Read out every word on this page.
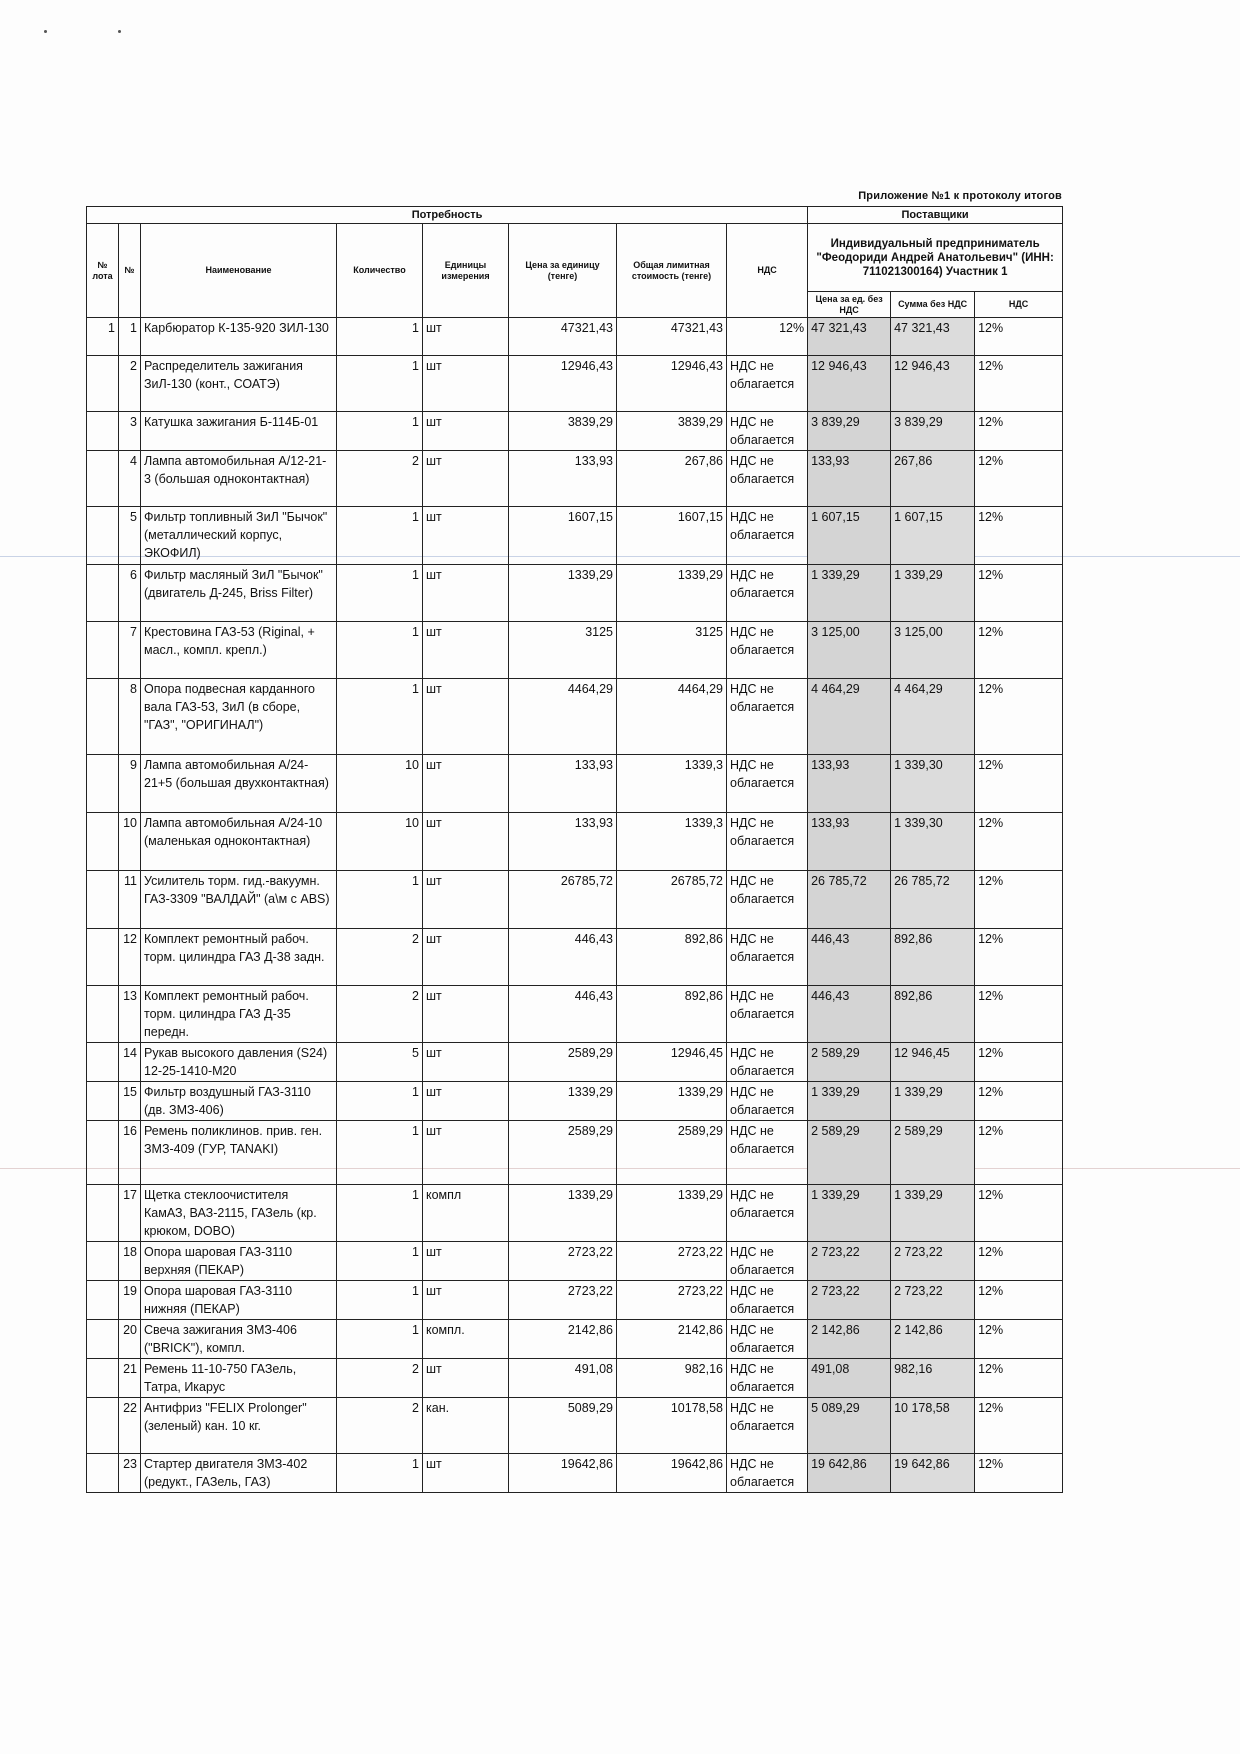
Приложение №1 к протоколу итогов
Потребность								Поставщики		
№ лота	№	Наименование	Количество	Единицы измерения	Цена за единицу (тенге)	Общая лимитная стоимость (тенге)	НДС	Индивидуальный предприниматель "Феодориди Андрей Анатольевич" (ИНН: 711021300164) Участник 1		
								Цена за ед. без НДС	Сумма без НДС	НДС
1	1	Карбюратор К-135-920 ЗИЛ-130	1	шт	47321,43	47321,43	12%	47 321,43	47 321,43	12%
	2	Распределитель зажигания ЗиЛ-130 (конт., СОАТЭ)	1	шт	12946,43	12946,43	НДС не облагается	12 946,43	12 946,43	12%
	3	Катушка зажигания Б-114Б-01	1	шт	3839,29	3839,29	НДС не облагается	3 839,29	3 839,29	12%
	4	Лампа автомобильная А/12-21-3 (большая одноконтактная)	2	шт	133,93	267,86	НДС не облагается	133,93	267,86	12%
	5	Фильтр топливный ЗиЛ "Бычок" (металлический корпус, ЭКОФИЛ)	1	шт	1607,15	1607,15	НДС не облагается	1 607,15	1 607,15	12%
	6	Фильтр масляный ЗиЛ "Бычок" (двигатель Д-245, Briss Filter)	1	шт	1339,29	1339,29	НДС не облагается	1 339,29	1 339,29	12%
	7	Крестовина ГАЗ-53 (Riginal, + масл., компл. крепл.)	1	шт	3125	3125	НДС не облагается	3 125,00	3 125,00	12%
	8	Опора подвесная карданного вала ГАЗ-53, ЗиЛ (в сборе, "ГАЗ", "ОРИГИНАЛ")	1	шт	4464,29	4464,29	НДС не облагается	4 464,29	4 464,29	12%
	9	Лампа автомобильная А/24-21+5 (большая двухконтактная)	10	шт	133,93	1339,3	НДС не облагается	133,93	1 339,30	12%
	10	Лампа автомобильная А/24-10 (маленькая одноконтактная)	10	шт	133,93	1339,3	НДС не облагается	133,93	1 339,30	12%
	11	Усилитель торм. гид.-вакуумн. ГАЗ-3309 "ВАЛДАЙ" (а\м с ABS)	1	шт	26785,72	26785,72	НДС не облагается	26 785,72	26 785,72	12%
	12	Комплект ремонтный рабоч. торм. цилиндра ГАЗ Д-38 задн.	2	шт	446,43	892,86	НДС не облагается	446,43	892,86	12%
	13	Комплект ремонтный рабоч. торм. цилиндра ГАЗ Д-35 передн.	2	шт	446,43	892,86	НДС не облагается	446,43	892,86	12%
	14	Рукав высокого давления (S24) 12-25-1410-М20	5	шт	2589,29	12946,45	НДС не облагается	2 589,29	12 946,45	12%
	15	Фильтр воздушный ГАЗ-3110 (дв. ЗМЗ-406)	1	шт	1339,29	1339,29	НДС не облагается	1 339,29	1 339,29	12%
	16	Ремень поликлинов. прив. ген. ЗМЗ-409 (ГУР, TANAKI)	1	шт	2589,29	2589,29	НДС не облагается	2 589,29	2 589,29	12%
	17	Щетка стеклоочистителя КамАЗ, ВАЗ-2115, ГАЗель (кр. крюком, DOBO)	1	компл	1339,29	1339,29	НДС не облагается	1 339,29	1 339,29	12%
	18	Опора шаровая ГАЗ-3110 верхняя (ПЕКАР)	1	шт	2723,22	2723,22	НДС не облагается	2 723,22	2 723,22	12%
	19	Опора шаровая ГАЗ-3110 нижняя (ПЕКАР)	1	шт	2723,22	2723,22	НДС не облагается	2 723,22	2 723,22	12%
	20	Свеча зажигания ЗМЗ-406 ("BRICK"), компл.	1	компл.	2142,86	2142,86	НДС не облагается	2 142,86	2 142,86	12%
	21	Ремень 11-10-750 ГАЗель, Татра, Икарус	2	шт	491,08	982,16	НДС не облагается	491,08	982,16	12%
	22	Антифриз "FELIX Prolonger" (зеленый) кан. 10 кг.	2	кан.	5089,29	10178,58	НДС не облагается	5 089,29	10 178,58	12%
	23	Стартер двигателя ЗМЗ-402 (редукт., ГАЗель, ГАЗ)	1	шт	19642,86	19642,86	НДС не облагается	19 642,86	19 642,86	12%
